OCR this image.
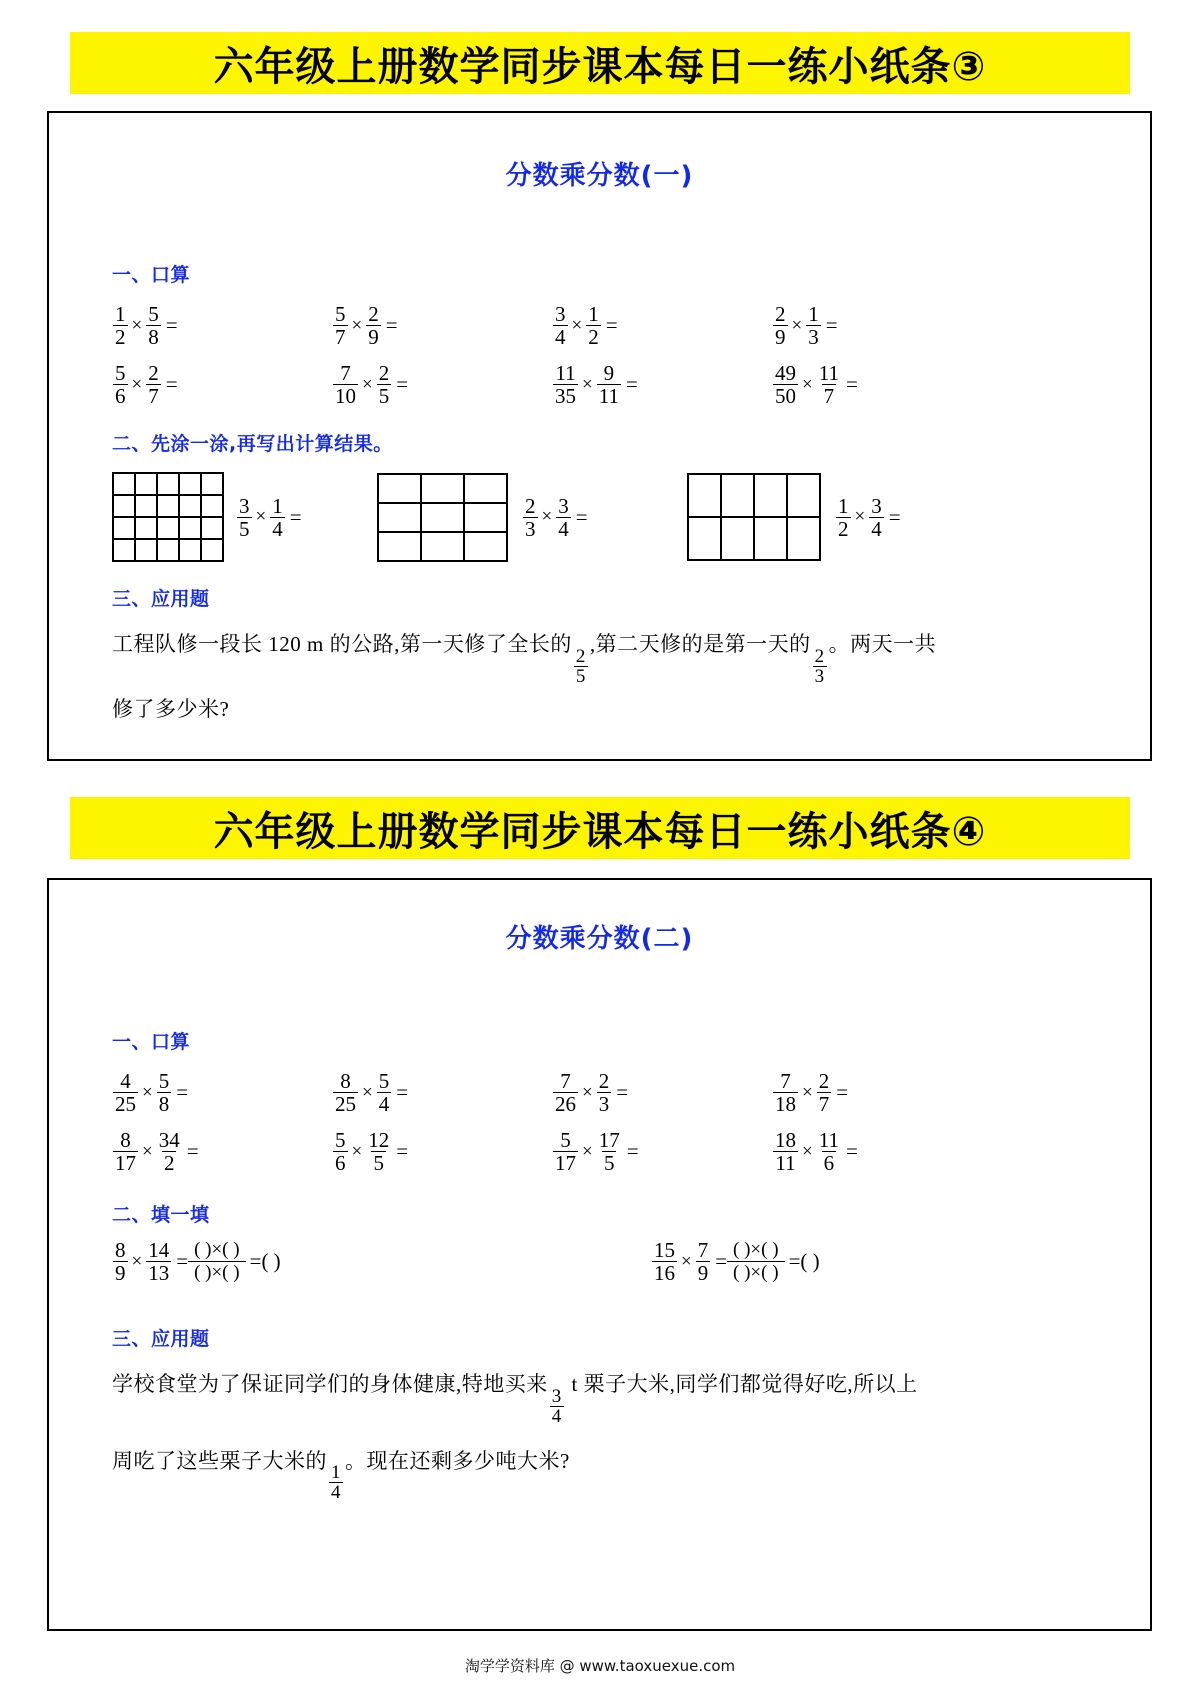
六年级上册数学同步课本每日一练小纸条③
分数乘分数(一)
一、口算
$\frac{1}{2} \times \frac{5}{8}$ =	$\frac{5}{7} \times \frac{2}{9}$ =	$\frac{3}{4} \times \frac{1}{2}$ =	$\frac{2}{9} \times \frac{1}{3}$ =
$\frac{5}{6} \times \frac{2}{7}$ =	$\frac{7}{10} \times \frac{2}{5}$ =	$\frac{11}{35} \times \frac{9}{11}$ =	$\frac{49}{50} \times \frac{11}{7}$ =
二、先涂一涂,再写出计算结果。
$\frac{3}{5} \times \frac{1}{4}$ =	$\frac{2}{3} \times \frac{3}{4}$ =	$\frac{1}{2} \times \frac{3}{4}$ =
三、应用题
工程队修一段长 120 m 的公路,第一天修了全长的
$\frac{2}{5}$
,第二天修的是第一天的
$\frac{2}{3}$
。两天一共
修了多少米?
六年级上册数学同步课本每日一练小纸条④
分数乘分数(二)
一、口算
$\frac{4}{25} \times \frac{5}{8}$ =	$\frac{8}{25} \times \frac{5}{4}$ =	$\frac{7}{26} \times \frac{2}{3}$ =	$\frac{7}{18} \times \frac{2}{7}$ =
$\frac{8}{17} \times \frac{34}{2}$ =	$\frac{5}{6} \times \frac{12}{5}$ =	$\frac{5}{17} \times \frac{17}{5}$ =	$\frac{18}{11} \times \frac{11}{6}$ =
二、填一填
$\frac{8}{9} \times \frac{14}{13} = \frac{( )\times( )}{( )\times( )}$ = ( )	$\frac{15}{16} \times \frac{7}{9} = \frac{( )\times( )}{( )\times( )}$ = ( )
三、应用题
学校食堂为了保证同学们的身体健康,特地买来
$\frac{3}{4}$
t 栗子大米,同学们都觉得好吃,所以上
周吃了这些栗子大米的
$\frac{1}{4}$
。现在还剩多少吨大米?
淘学学资料库 @ www.taoxuexue.com
